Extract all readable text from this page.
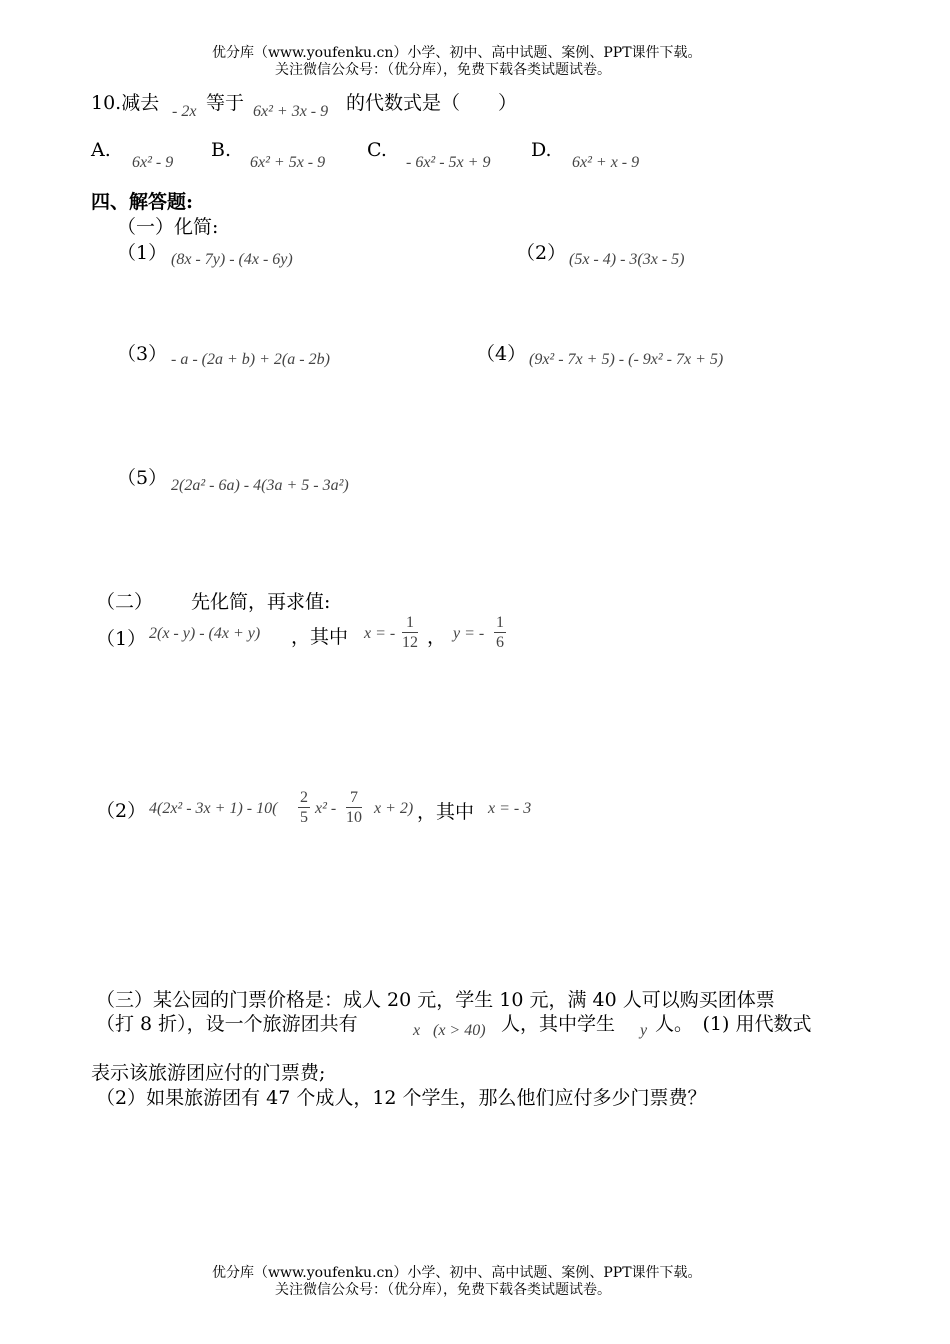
优分库（www.youfenku.cn）小学、初中、高中试题、案例、PPT课件下载。
关注微信公众号：（优分库），免费下载各类试题试卷。
10.减去 - 2x 等于 6x² + 3x - 9 的代数式是（　　）
A.
6x² - 9
B.
6x² + 5x - 9
C.
- 6x² - 5x + 9
D.
6x² + x - 9
四、解答题:
（一）化简:
（1） (8x - 7y) - (4x - 6y)	（2） (5x - 4) - 3(3x - 5)
（3） - a - (2a + b) + 2(a - 2b)	（4） (9x² - 7x + 5) - (- 9x² - 7x + 5)
（5） 2(2a² - 6a) - 4(3a + 5 - 3a²)
（二） 先化简，再求值:
（1） 2(x - y) - (4x + y) ，其中 x = - $\frac{1}{12}$ ， y = - $\frac{1}{6}$
（2） $4(2x^2 - 3x + 1) - 10( \frac{2}{5} x^2 - \frac{7}{10}$ x + 2) ，其中 x = - 3
（三）某公园的门票价格是：成人 20 元，学生 10 元，满 40 人可以购买团体票
（打 8 折），设一个旅游团共有	x (x > 40) 人，其中学生 y 人。　(1) 用代数式
表示该旅游团应付的门票费;
（2）如果旅游团有 47 个成人，12 个学生，那么他们应付多少门票费？
优分库（www.youfenku.cn）小学、初中、高中试题、案例、PPT课件下载。
关注微信公众号：（优分库），免费下载各类试题试卷。
